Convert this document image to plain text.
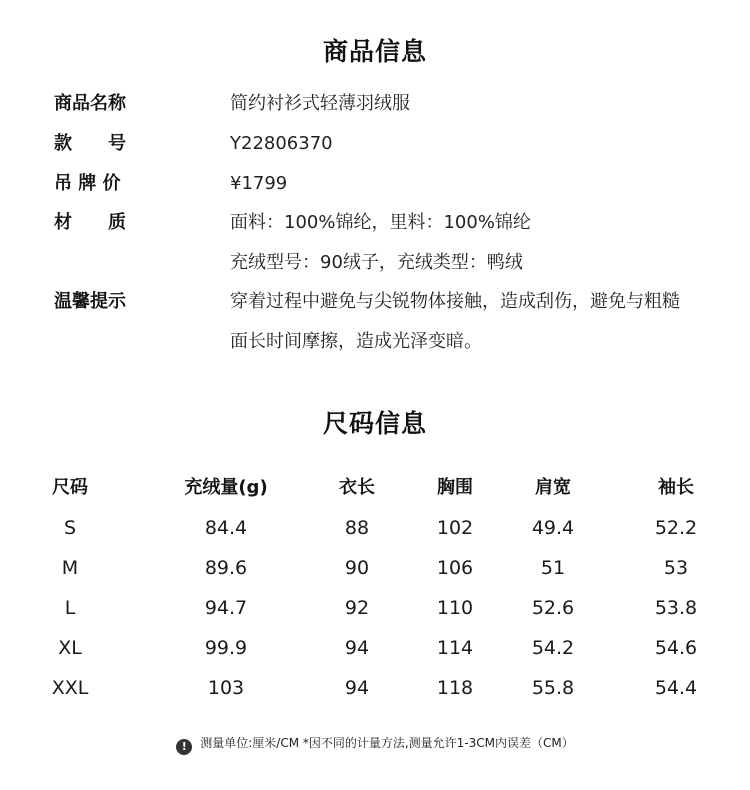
商品信息
商品名称	简约衬衫式轻薄羽绒服
款　　号	Y22806370
吊 牌 价	¥1799
材　　质	面料：100%锦纶，里料：100%锦纶
充绒型号：90绒子，充绒类型：鸭绒
温馨提示	穿着过程中避免与尖锐物体接触，造成刮伤，避免与粗糙
面长时间摩擦，造成光泽变暗。
尺码信息
尺码	充绒量(g)	衣长	胸围	肩宽	袖长
S	84.4	88	102	49.4	52.2
M	89.6	90	106	51	53
L	94.7	92	110	52.6	53.8
XL	99.9	94	114	54.2	54.6
XXL	103	94	118	55.8	54.4
! 测量单位:厘米/CM *因不同的计量方法,测量允许1-3CM内误差（CM）
